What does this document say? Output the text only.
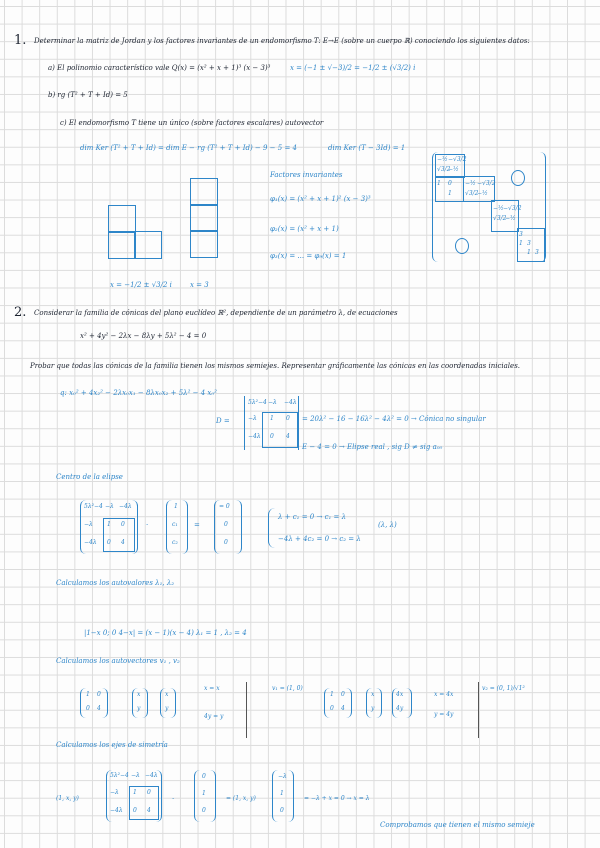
1. Determinar la matriz de Jordan y los factores invariantes de un endomorfismo T: E→E (sobre un cuerpo ℝ) conociendo los siguientes datos:
a) El polinomio característico vale Q(x) = (x² + x + 1)³ (x − 3)³	x = (−1 ± √−3)/2 = −1/2 ± (√3/2) i
b) rg (T² + T + Id) = 5
c) El endomorfismo T tiene un único (sobre factores escalares) autovector
dim Ker (T² + T + Id) = dim E − rg (T² + T + Id) − 9 − 5 = 4	dim Ker (T − 3Id) = 1
Factores invariantes
φ₁(x) = (x² + x + 1)² (x − 3)³
φ₂(x) = (x² + x + 1)
φ₃(x) = ... = φ₉(x) = 1
x = −1/2 ± √3/2 i	x = 3
−½ −√3/2
√3/2
−½
1 0 −½ −√3/2
1 √3/2
−½
−½ −√3/2
√3/2
−½
3
1 3
1 3
2. Considerar la familia de cónicas del plano euclídeo ℝ², dependiente de un parámetro λ, de ecuaciones
x² + 4y² − 2λx − 8λy + 5λ² − 4 = 0
Probar que todas las cónicas de la familia tienen los mismos semiejes. Representar gráficamente las cónicas en las coordenadas iniciales.
q: x₀² + 4x₂² − 2λx₀x₁ − 8λx₀x₂ + 5λ² − 4 x₀²
D =
5λ²−4 −λ −4λ
−λ 1 0
−4λ 0 4
= 20λ² − 16 − 16λ² − 4λ² = 0 → Cónica no singular
E − 4 = 0 → Elipse real , sig D ≠ sig a₀₀
Centro de la elipse
5λ²−4 −λ −4λ
−λ 1 0
−4λ 0 4
·
1
c₁
c₂
=
= 0
0
0
λ + c₁ = 0 → c₁ = λ
−4λ + 4c₂ = 0 → c₂ = λ
(λ, λ)
Calculamos los autovalores λ₁, λ₂
|1−x 0; 0 4−x| = (x − 1)(x − 4) λ₁ = 1 , λ₂ = 4
Calculamos los autovectores v₁ , v₂
1 0
0 4
x
y
x
y
x = x
4y = y
v₁ = (1, 0)
1 0
0 4
x
y
4x
4y
x = 4x
y = 4y
v₂ = (0, 1)/√1²
Calculamos los ejes de simetría
(1, x, y)
5λ²−4 −λ −4λ
−λ 1 0
−4λ 0 4
·
0
1
0
= (1, x, y)
−λ
1
0
= −λ + x = 0 → x = λ
Comprobamos que tienen el mismo semieje
